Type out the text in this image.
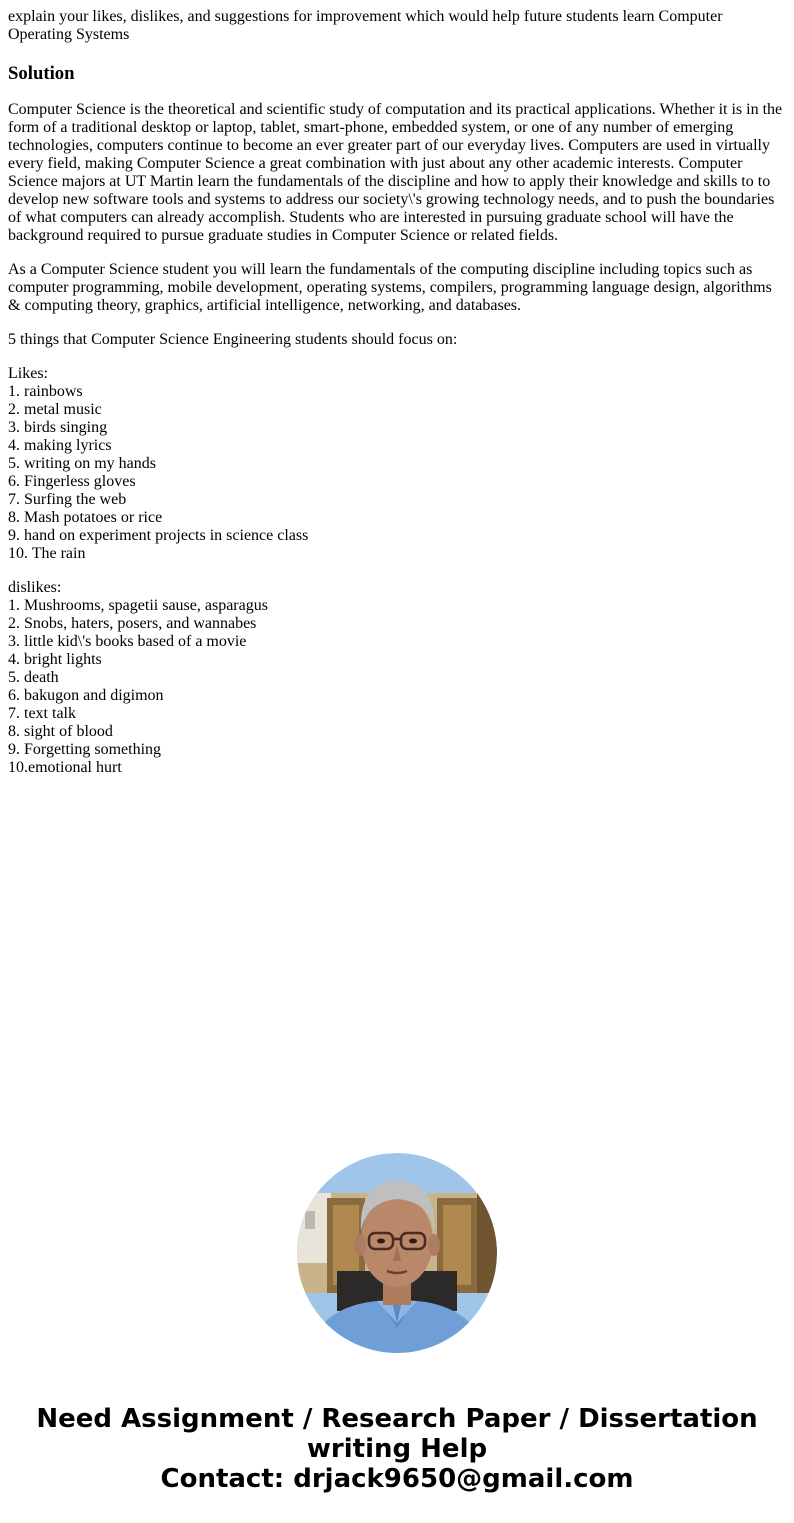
explain your likes, dislikes, and suggestions for improvement which would help future students learn Computer Operating Systems
Solution

Computer Science is the theoretical and scientific study of computation and its practical applications. Whether it is in the form of a traditional desktop or laptop, tablet, smart-phone, embedded system, or one of any number of emerging technologies, computers continue to become an ever greater part of our everyday lives. Computers are used in virtually every field, making Computer Science a great combination with just about any other academic interests. Computer Science majors at UT Martin learn the fundamentals of the discipline and how to apply their knowledge and skills to to develop new software tools and systems to address our society\'s growing technology needs, and to push the boundaries of what computers can already accomplish. Students who are interested in pursuing graduate school will have the background required to pursue graduate studies in Computer Science or related fields.

As a Computer Science student you will learn the fundamentals of the computing discipline including topics such as computer programming, mobile development, operating systems, compilers, programming language design, algorithms & computing theory, graphics, artificial intelligence, networking, and databases.

5 things that Computer Science Engineering students should focus on:

Likes:
1. rainbows
2. metal music
3. birds singing
4. making lyrics
5. writing on my hands
6. Fingerless gloves
7. Surfing the web
8. Mash potatoes or rice
9. hand on experiment projects in science class
10. The rain
dislikes:
1. Mushrooms, spagetii sause, asparagus
2. Snobs, haters, posers, and wannabes
3. little kid\'s books based of a movie
4. bright lights
5. death
6. bakugon and digimon
7. text talk
8. sight of blood
9. Forgetting something
10.emotional hurt
Need Assignment / Research Paper / Dissertation
writing Help
Contact: drjack9650@gmail.com
